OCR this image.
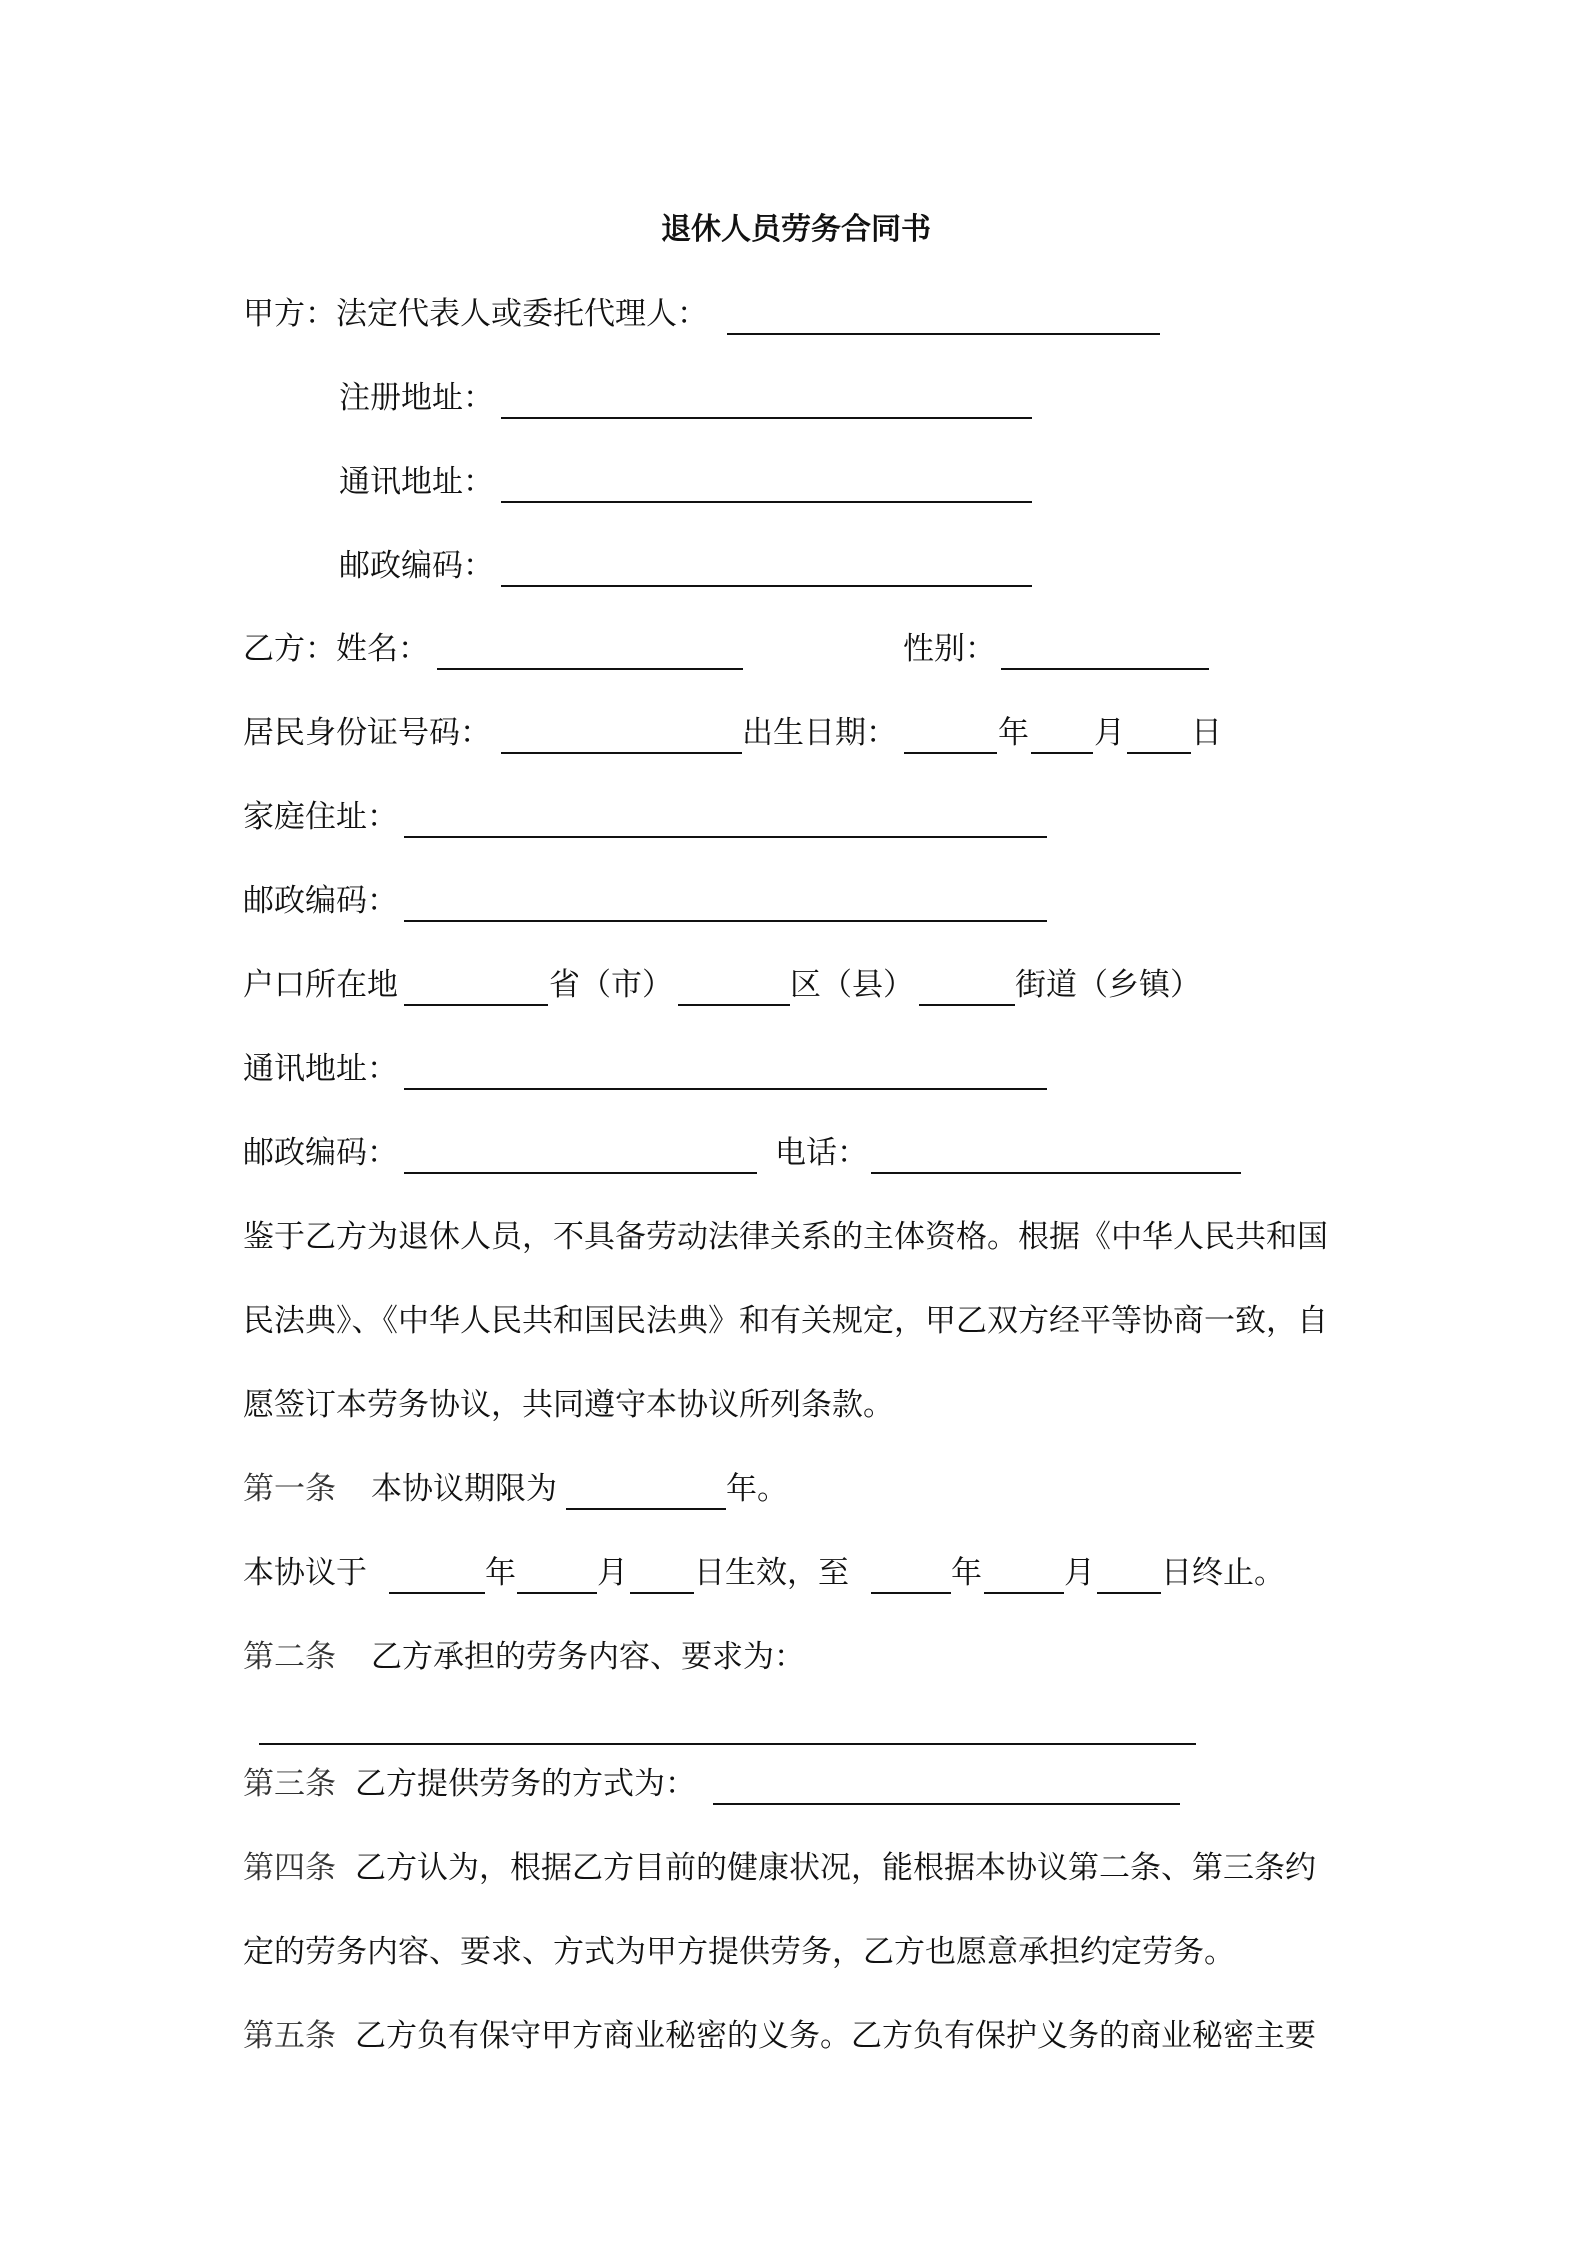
退休人员劳务合同书
甲方：法定代表人或委托代理人：
注册地址：
通讯地址：
邮政编码：
乙方：姓名：	性别：
居民身份证号码：	出生日期：	年 月 日
家庭住址：
邮政编码：
户口所在地	省（市）	区（县）	街道（乡镇）
通讯地址：
邮政编码：	电话：
鉴于乙方为退休人员，不具备劳动法律关系的主体资格。根据《中华人民共和国
民法典》、《中华人民共和国民法典》和有关规定，甲乙双方经平等协商一致，自
愿签订本劳务协议，共同遵守本协议所列条款。
第一条 本协议期限为	年。
本协议于	年	月 日生效，至	年	月 日终止。
第二条 乙方承担的劳务内容、要求为：
第三条 乙方提供劳务的方式为：
第四条 乙方认为，根据乙方目前的健康状况，能根据本协议第二条、第三条约
定的劳务内容、要求、方式为甲方提供劳务，乙方也愿意承担约定劳务。
第五条 乙方负有保守甲方商业秘密的义务。乙方负有保护义务的商业秘密主要
